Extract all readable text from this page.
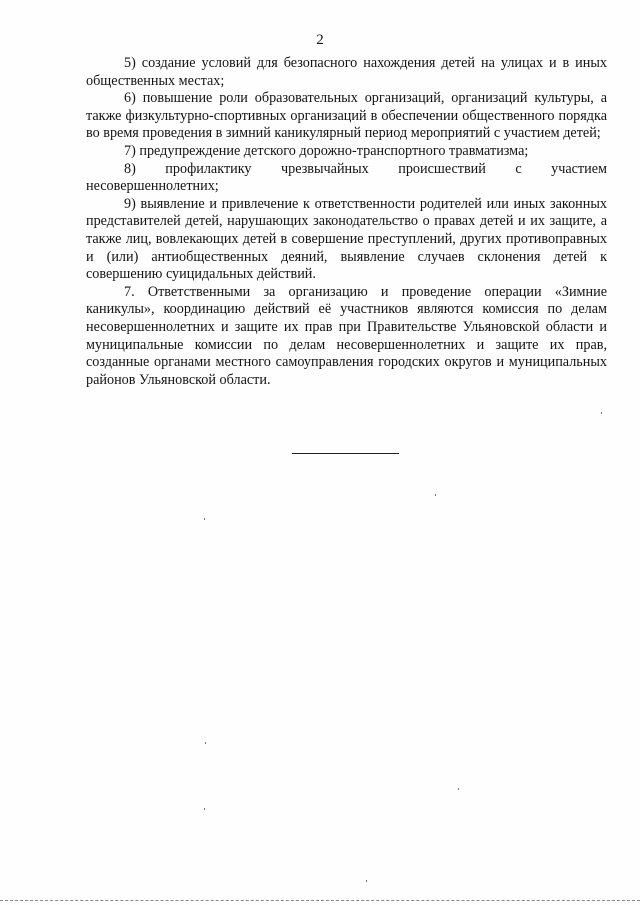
2

5) создание условий для безопасного нахождения детей на улицах и в иных общественных местах;

6) повышение роли образовательных организаций, организаций культуры, а также физкультурно-спортивных организаций в обеспечении общественного порядка во время проведения в зимний каникулярный период мероприятий с участием детей;

7) предупреждение детского дорожно-транспортного травматизма;

8) профилактику чрезвычайных происшествий с участием несовершеннолетних;

9) выявление и привлечение к ответственности родителей или иных законных представителей детей, нарушающих законодательство о правах детей и их защите, а также лиц, вовлекающих детей в совершение преступлений, других противоправных и (или) антиобщественных деяний, выявление случаев склонения детей к совершению суицидальных действий.

7. Ответственными за организацию и проведение операции «Зимние каникулы», координацию действий её участников являются комиссия по делам несовершеннолетних и защите их прав при Правительстве Ульяновской области и муниципальные комиссии по делам несовершеннолетних и защите их прав, созданные органами местного самоуправления городских округов и муниципальных районов Ульяновской области.
